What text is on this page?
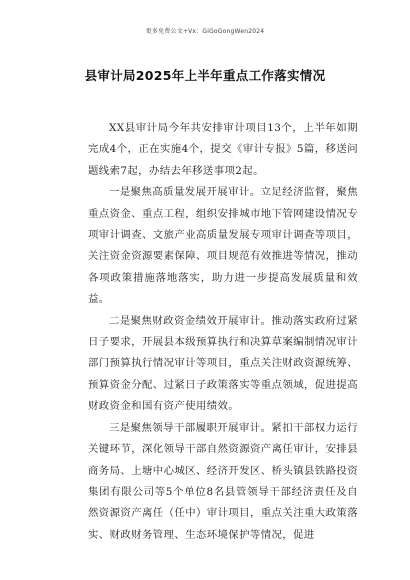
更多免费公文+Vx：GiGoGongWen2024
县审计局2025年上半年重点工作落实情况

XX县审计局今年共安排审计项目13个，上半年如期完成4个，正在实施4个，提交《审计专报》5篇，移送问题线索7起，办结去年移送事项2起。

一是聚焦高质量发展开展审计。立足经济监督，聚焦重点资金、重点工程，组织安排城市地下管网建设情况专项审计调查、文旅产业高质量发展专项审计调查等项目，关注资金资源要素保障、项目规范有效推进等情况，推动各项政策措施落地落实，助力进一步提高发展质量和效益。

二是聚焦财政资金绩效开展审计。推动落实政府过紧日子要求，开展县本级预算执行和决算草案编制情况审计部门预算执行情况审计等项目，重点关注财政资源统筹、预算资金分配、过紧日子政策落实等重点领域，促进提高财政资金和国有资产使用绩效。

三是聚焦领导干部履职开展审计。紧扣干部权力运行关键环节，深化领导干部自然资源资产离任审计，安排县商务局、上塘中心城区、经济开发区、桥头镇县铁路投资集团有限公司等5个单位8名县管领导干部经济责任及自然资源资产离任（任中）审计项目，重点关注重大政策落实、财政财务管理、生态环境保护等情况，促进
